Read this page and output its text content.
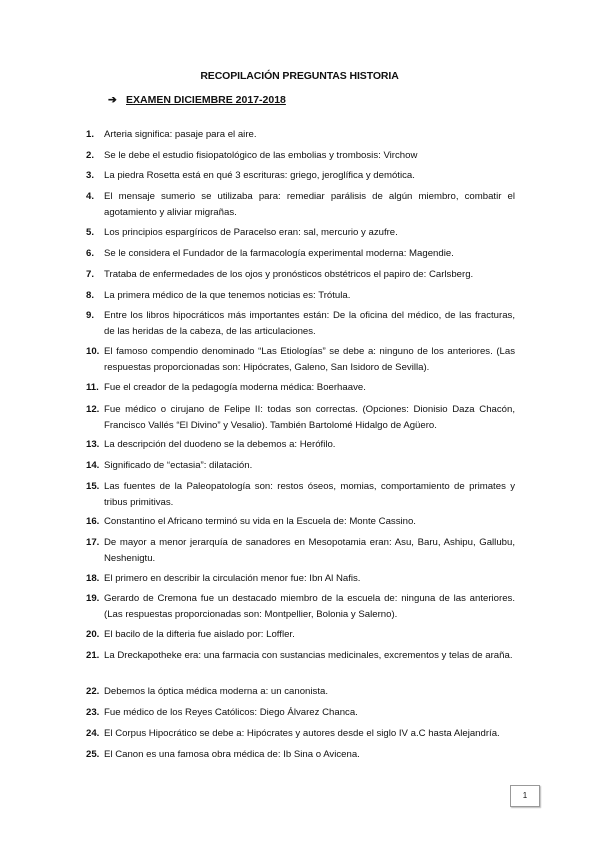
RECOPILACIÓN PREGUNTAS HISTORIA
➔ EXAMEN DICIEMBRE 2017-2018
1. Arteria significa: pasaje para el aire.
2. Se le debe el estudio fisiopatológico de las embolias y trombosis: Virchow
3. La piedra Rosetta está en qué 3 escrituras: griego, jeroglífica y demótica.
4. El mensaje sumerio se utilizaba para: remediar parálisis de algún miembro, combatir el agotamiento y aliviar migrañas.
5. Los principios espargíricos de Paracelso eran: sal, mercurio y azufre.
6. Se le considera el Fundador de la farmacología experimental moderna: Magendie.
7. Trataba de enfermedades de los ojos y pronósticos obstétricos el papiro de: Carlsberg.
8. La primera médico de la que tenemos noticias es: Trótula.
9. Entre los libros hipocráticos más importantes están: De la oficina del médico, de las fracturas, de las heridas de la cabeza, de las articulaciones.
10. El famoso compendio denominado “Las Etiologías” se debe a: ninguno de los anteriores. (Las respuestas proporcionadas son: Hipócrates, Galeno, San Isidoro de Sevilla).
11. Fue el creador de la pedagogía moderna médica: Boerhaave.
12. Fue médico o cirujano de Felipe II: todas son correctas. (Opciones: Dionisio Daza Chacón, Francisco Vallés “El Divino” y Vesalio). También Bartolomé Hidalgo de Agüero.
13. La descripción del duodeno se la debemos a: Herófilo.
14. Significado de “ectasia”: dilatación.
15. Las fuentes de la Paleopatología son: restos óseos, momias, comportamiento de primates y tribus primitivas.
16. Constantino el Africano terminó su vida en la Escuela de: Monte Cassino.
17. De mayor a menor jerarquía de sanadores en Mesopotamia eran: Asu, Baru, Ashipu, Gallubu, Neshenigtu.
18. El primero en describir la circulación menor fue: Ibn Al Nafis.
19. Gerardo de Cremona fue un destacado miembro de la escuela de: ninguna de las anteriores. (Las respuestas proporcionadas son: Montpellier, Bolonia y Salerno).
20. El bacilo de la difteria fue aislado por: Loffler.
21. La Dreckapotheke era: una farmacia con sustancias medicinales, excrementos y telas de araña.
22. Debemos la óptica médica moderna a: un canonista.
23. Fue médico de los Reyes Católicos: Diego Álvarez Chanca.
24. El Corpus Hipocrático se debe a: Hipócrates y autores desde el siglo IV a.C hasta Alejandría.
25. El Canon es una famosa obra médica de: Ib Sina o Avicena.
1
